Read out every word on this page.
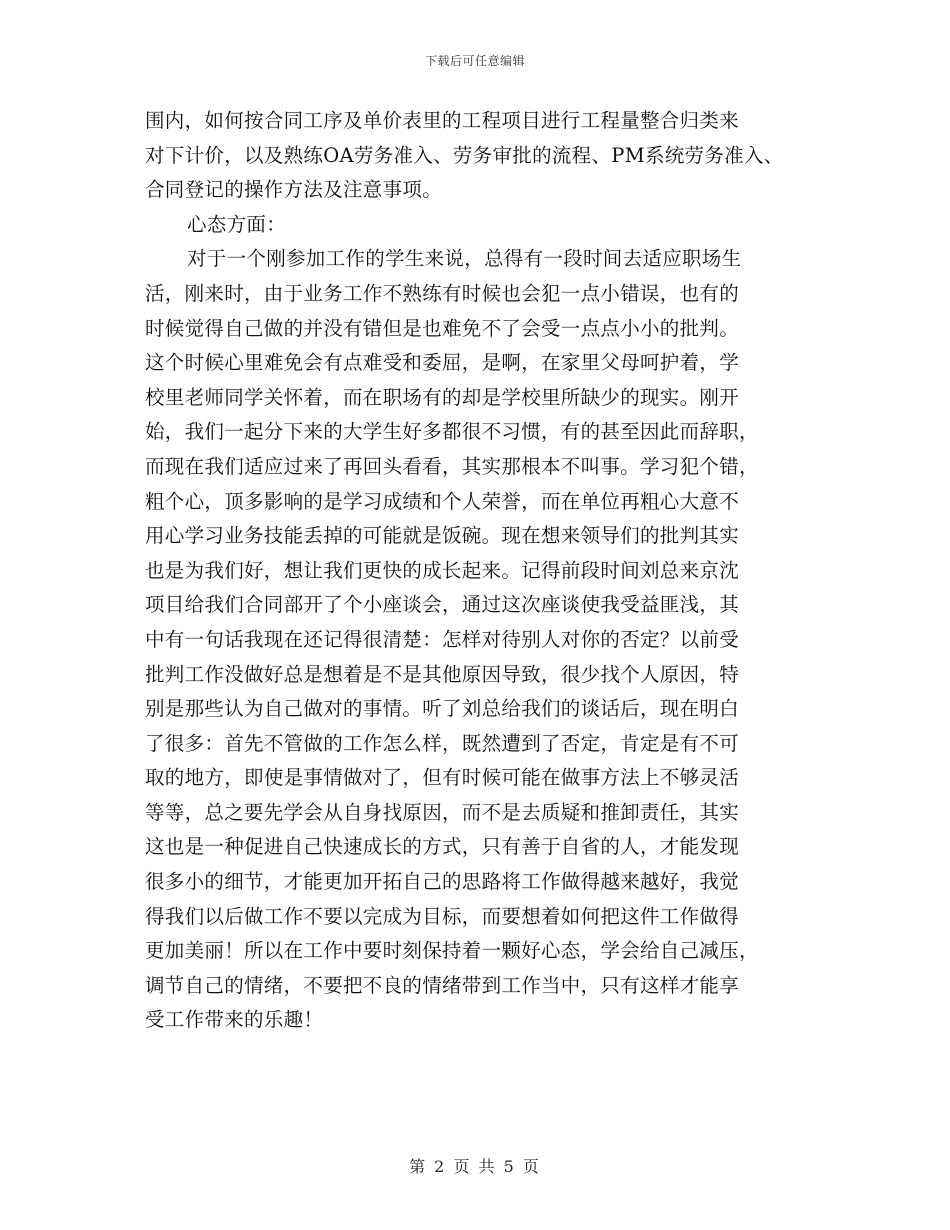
下载后可任意编辑
围内，如何按合同工序及单价表里的工程项目进行工程量整合归类来
对下计价，以及熟练OA劳务准入、劳务审批的流程、PM系统劳务准入、
合同登记的操作方法及注意事项。
心态方面：
对于一个刚参加工作的学生来说，总得有一段时间去适应职场生
活，刚来时，由于业务工作不熟练有时候也会犯一点小错误，也有的
时候觉得自己做的并没有错但是也难免不了会受一点点小小的批判。
这个时候心里难免会有点难受和委屈，是啊，在家里父母呵护着，学
校里老师同学关怀着，而在职场有的却是学校里所缺少的现实。刚开
始，我们一起分下来的大学生好多都很不习惯，有的甚至因此而辞职，
而现在我们适应过来了再回头看看，其实那根本不叫事。学习犯个错，
粗个心，顶多影响的是学习成绩和个人荣誉，而在单位再粗心大意不
用心学习业务技能丢掉的可能就是饭碗。现在想来领导们的批判其实
也是为我们好，想让我们更快的成长起来。记得前段时间刘总来京沈
项目给我们合同部开了个小座谈会，通过这次座谈使我受益匪浅，其
中有一句话我现在还记得很清楚：怎样对待别人对你的否定？以前受
批判工作没做好总是想着是不是其他原因导致，很少找个人原因，特
别是那些认为自己做对的事情。听了刘总给我们的谈话后，现在明白
了很多：首先不管做的工作怎么样，既然遭到了否定，肯定是有不可
取的地方，即使是事情做对了，但有时候可能在做事方法上不够灵活
等等，总之要先学会从自身找原因，而不是去质疑和推卸责任，其实
这也是一种促进自己快速成长的方式，只有善于自省的人，才能发现
很多小的细节，才能更加开拓自己的思路将工作做得越来越好，我觉
得我们以后做工作不要以完成为目标，而要想着如何把这件工作做得
更加美丽！所以在工作中要时刻保持着一颗好心态，学会给自己减压，
调节自己的情绪，不要把不良的情绪带到工作当中，只有这样才能享
受工作带来的乐趣！
第 2 页 共 5 页
